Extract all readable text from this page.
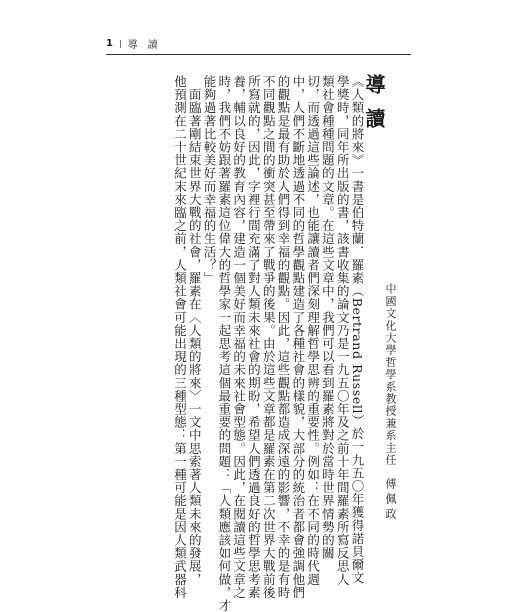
1 | 導　讀
導讀
中國文化大學哲學系教授兼系主任傅佩政
《人類的將來》一書是伯特蘭．羅素（Bertrand Russell）於一九五〇年獲得諾貝爾文
學獎時，同年所出版的書，該書收集的論文乃是一九五〇年及之前十年間羅素所寫反思人
類社會種種問題的文章。在這些文章中，我們可以看到羅素將對於當時世界情勢的關
切，而透過這些論述，也能讓讀者們深刻理解哲學思辨的重要性。例如：在不同的時代週
中，人們不斷地透過不同的哲學觀點建造了各種社會的樣貌，大部分的統治者都會強調他們
的觀點是最有助於人們得到幸福的觀點。因此，這些觀點都造成深遠的影響，不幸的是有時
不同觀點之間的衝突甚至帶來了戰爭的後果。由於這些文章都是羅素在第二次世界大戰前後
所寫就的，因此，字裡行間充滿了對人類未來社會的期盼，希望人們透過良好的哲學思考素
養，輔以良好的教育內容，建造一個美好而幸福的未來社會型態。因此，在閱讀這些文章之
時，我們不妨跟著羅素這位偉大的哲學家一起思考這個最重要的問題：「人類應該如何做，才
能夠過著比較美好而幸福的生活？」
　面臨著剛結束世界大戰的社會，羅素在〈人類的將來〉一文中思索著人類未來的發展，
他預測在二十世紀末來臨之前，人類社會可能出現的三種型態：第一種可能是因人類武器科
